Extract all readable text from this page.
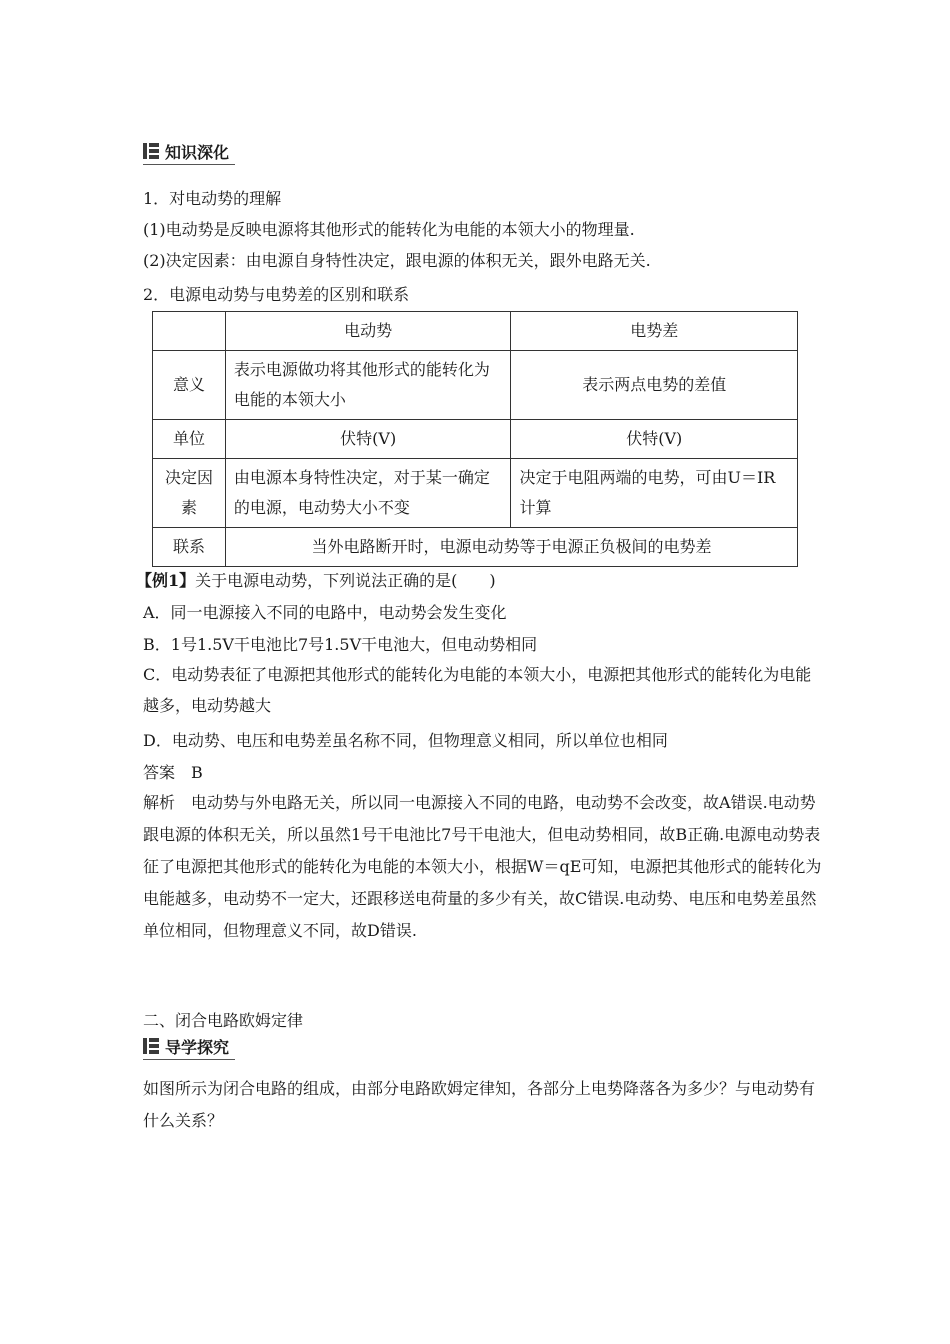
知识深化
1．对电动势的理解
(1)电动势是反映电源将其他形式的能转化为电能的本领大小的物理量.
(2)决定因素：由电源自身特性决定，跟电源的体积无关，跟外电路无关.
2．电源电动势与电势差的区别和联系
	电动势	电势差
意义	表示电源做功将其他形式的能转化为电能的本领大小	表示两点电势的差值
单位	伏特(V)	伏特(V)
决定因素	由电源本身特性决定，对于某一确定的电源，电动势大小不变	决定于电阻两端的电势，可由U＝IR计算
联系	当外电路断开时，电源电动势等于电源正负极间的电势差	
【例1】关于电源电动势，下列说法正确的是(　　)
A．同一电源接入不同的电路中，电动势会发生变化
B．1号1.5V干电池比7号1.5V干电池大，但电动势相同
C．电动势表征了电源把其他形式的能转化为电能的本领大小，电源把其他形式的能转化为电能越多，电动势越大
D．电动势、电压和电势差虽名称不同，但物理意义相同，所以单位也相同
答案　 B
解析　 电动势与外电路无关，所以同一电源接入不同的电路，电动势不会改变，故A错误.电动势跟电源的体积无关，所以虽然1号干电池比7号干电池大，但电动势相同，故B正确.电源电动势表征了电源把其他形式的能转化为电能的本领大小，根据W＝qE可知，电源把其他形式的能转化为电能越多，电动势不一定大，还跟移送电荷量的多少有关，故C错误.电动势、电压和电势差虽然单位相同，但物理意义不同，故D错误.
二、闭合电路欧姆定律
导学探究
如图所示为闭合电路的组成，由部分电路欧姆定律知，各部分上电势降落各为多少？与电动势有什么关系？
